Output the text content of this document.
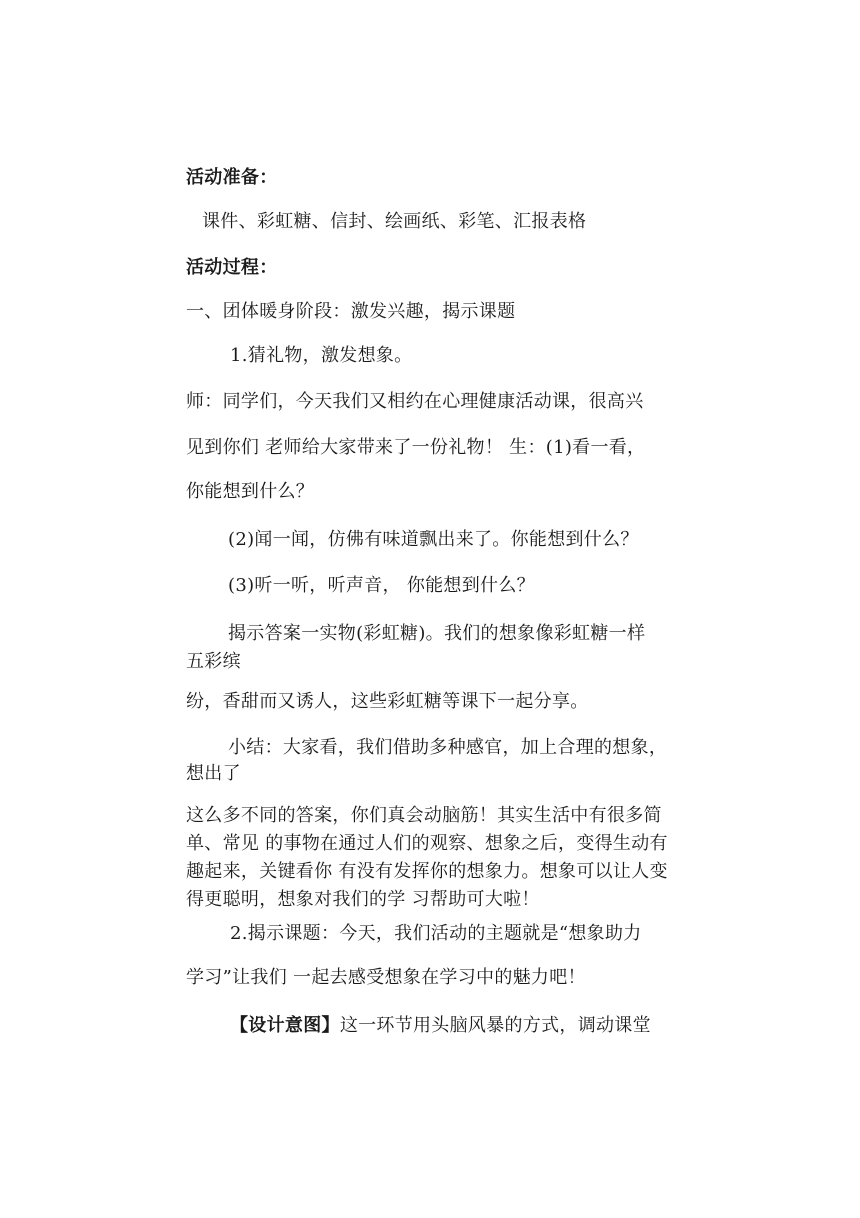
活动准备：
课件、彩虹糖、信封、绘画纸、彩笔、汇报表格
活动过程：
一、团体暖身阶段：激发兴趣，揭示课题
1.猜礼物，激发想象。
师：同学们，今天我们又相约在心理健康活动课，很高兴
见到你们 老师给大家带来了一份礼物！ 生：(1)看一看，
你能想到什么？
(2)闻一闻，仿佛有味道飘出来了。你能想到什么？
(3)听一听，听声音， 你能想到什么？
揭示答案一实物(彩虹糖)。我们的想象像彩虹糖一样
五彩缤
纷，香甜而又诱人，这些彩虹糖等课下一起分享。
小结：大家看，我们借助多种感官，加上合理的想象，
想出了
这么多不同的答案，你们真会动脑筋！其实生活中有很多简单、常见 的事物在通过人们的观察、想象之后，变得生动有趣起来，关键看你 有没有发挥你的想象力。想象可以让人变得更聪明，想象对我们的学 习帮助可大啦！
2.揭示课题：今天，我们活动的主题就是“想象助力
学习”让我们 一起去感受想象在学习中的魅力吧！
【设计意图】这一环节用头脑风暴的方式，调动课堂
